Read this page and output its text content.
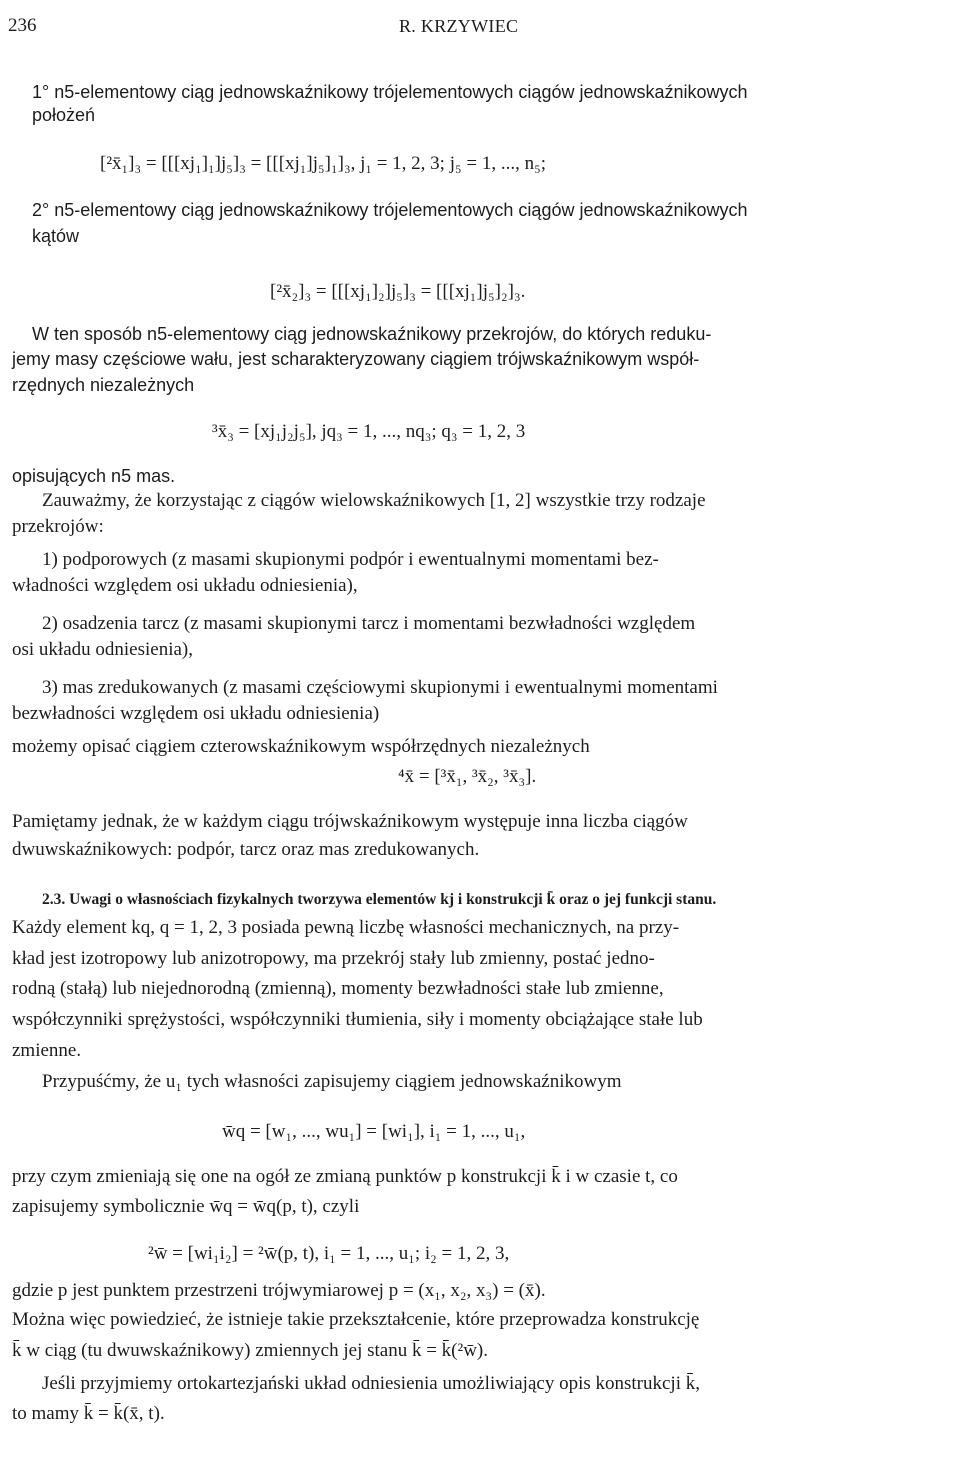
236	R. KRZYWIEC
1° n5-elementowy ciąg jednowskaźnikowy trójelementowych ciągów jednowskaźnikowych
położeń
[²x̄₁]₃ = [[[xj₁]₁]j₅]₃ = [[[xj₁]j₅]₁]₃, j₁ = 1, 2, 3; j₅ = 1, ..., n₅;
2° n5-elementowy ciąg jednowskaźnikowy trójelementowych ciągów jednowskaźnikowych
kątów
[²x̄₂]₃ = [[[xj₁]₂]j₅]₃ = [[[xj₁]j₅]₂]₃.
W ten sposób n5-elementowy ciąg jednowskaźnikowy przekrojów, do których reduku-
jemy masy częściowe wału, jest scharakteryzowany ciągiem trójwskaźnikowym współ-
rzędnych niezależnych
³x̄₃ = [xj₁j₂j₅], jq₃ = 1, ..., nq₃; q₃ = 1, 2, 3
opisujących n5 mas.
Zauważmy, że korzystając z ciągów wielowskaźnikowych [1, 2] wszystkie trzy rodzaje
przekrojów:
1) podporowych (z masami skupionymi podpór i ewentualnymi momentami bez-
władności względem osi układu odniesienia),
2) osadzenia tarcz (z masami skupionymi tarcz i momentami bezwładności względem
osi układu odniesienia),
3) mas zredukowanych (z masami częściowymi skupionymi i ewentualnymi momentami
bezwładności względem osi układu odniesienia)
możemy opisać ciągiem czterowskaźnikowym współrzędnych niezależnych
⁴x̄ = [³x̄₁, ³x̄₂, ³x̄₃].
Pamiętamy jednak, że w każdym ciągu trójwskaźnikowym występuje inna liczba ciągów
dwuwskaźnikowych: podpór, tarcz oraz mas zredukowanych.
2.3. Uwagi o własnościach fizykalnych tworzywa elementów kj i konstrukcji k̄ oraz o jej funkcji stanu.
Każdy element kq, q = 1, 2, 3 posiada pewną liczbę własności mechanicznych, na przy-
kład jest izotropowy lub anizotropowy, ma przekrój stały lub zmienny, postać jedno-
rodną (stałą) lub niejednorodną (zmienną), momenty bezwładności stałe lub zmienne,
współczynniki sprężystości, współczynniki tłumienia, siły i momenty obciążające stałe lub
zmienne.
Przypuśćmy, że u₁ tych własności zapisujemy ciągiem jednowskaźnikowym
w̄q = [w₁, ..., wu₁] = [wi₁], i₁ = 1, ..., u₁,
przy czym zmieniają się one na ogół ze zmianą punktów p konstrukcji k̄ i w czasie t, co
zapisujemy symbolicznie w̄q = w̄q(p, t), czyli
²w̄ = [wi₁i₂] = ²w̄(p, t), i₁ = 1, ..., u₁; i₂ = 1, 2, 3,
gdzie p jest punktem przestrzeni trójwymiarowej p = (x₁, x₂, x₃) = (x̄).
Można więc powiedzieć, że istnieje takie przekształcenie, które przeprowadza konstrukcję
k̄ w ciąg (tu dwuwskaźnikowy) zmiennych jej stanu k̄ = k̄(²w̄).
Jeśli przyjmiemy ortokartezjański układ odniesienia umożliwiający opis konstrukcji k̄,
to mamy k̄ = k̄(x̄, t).
